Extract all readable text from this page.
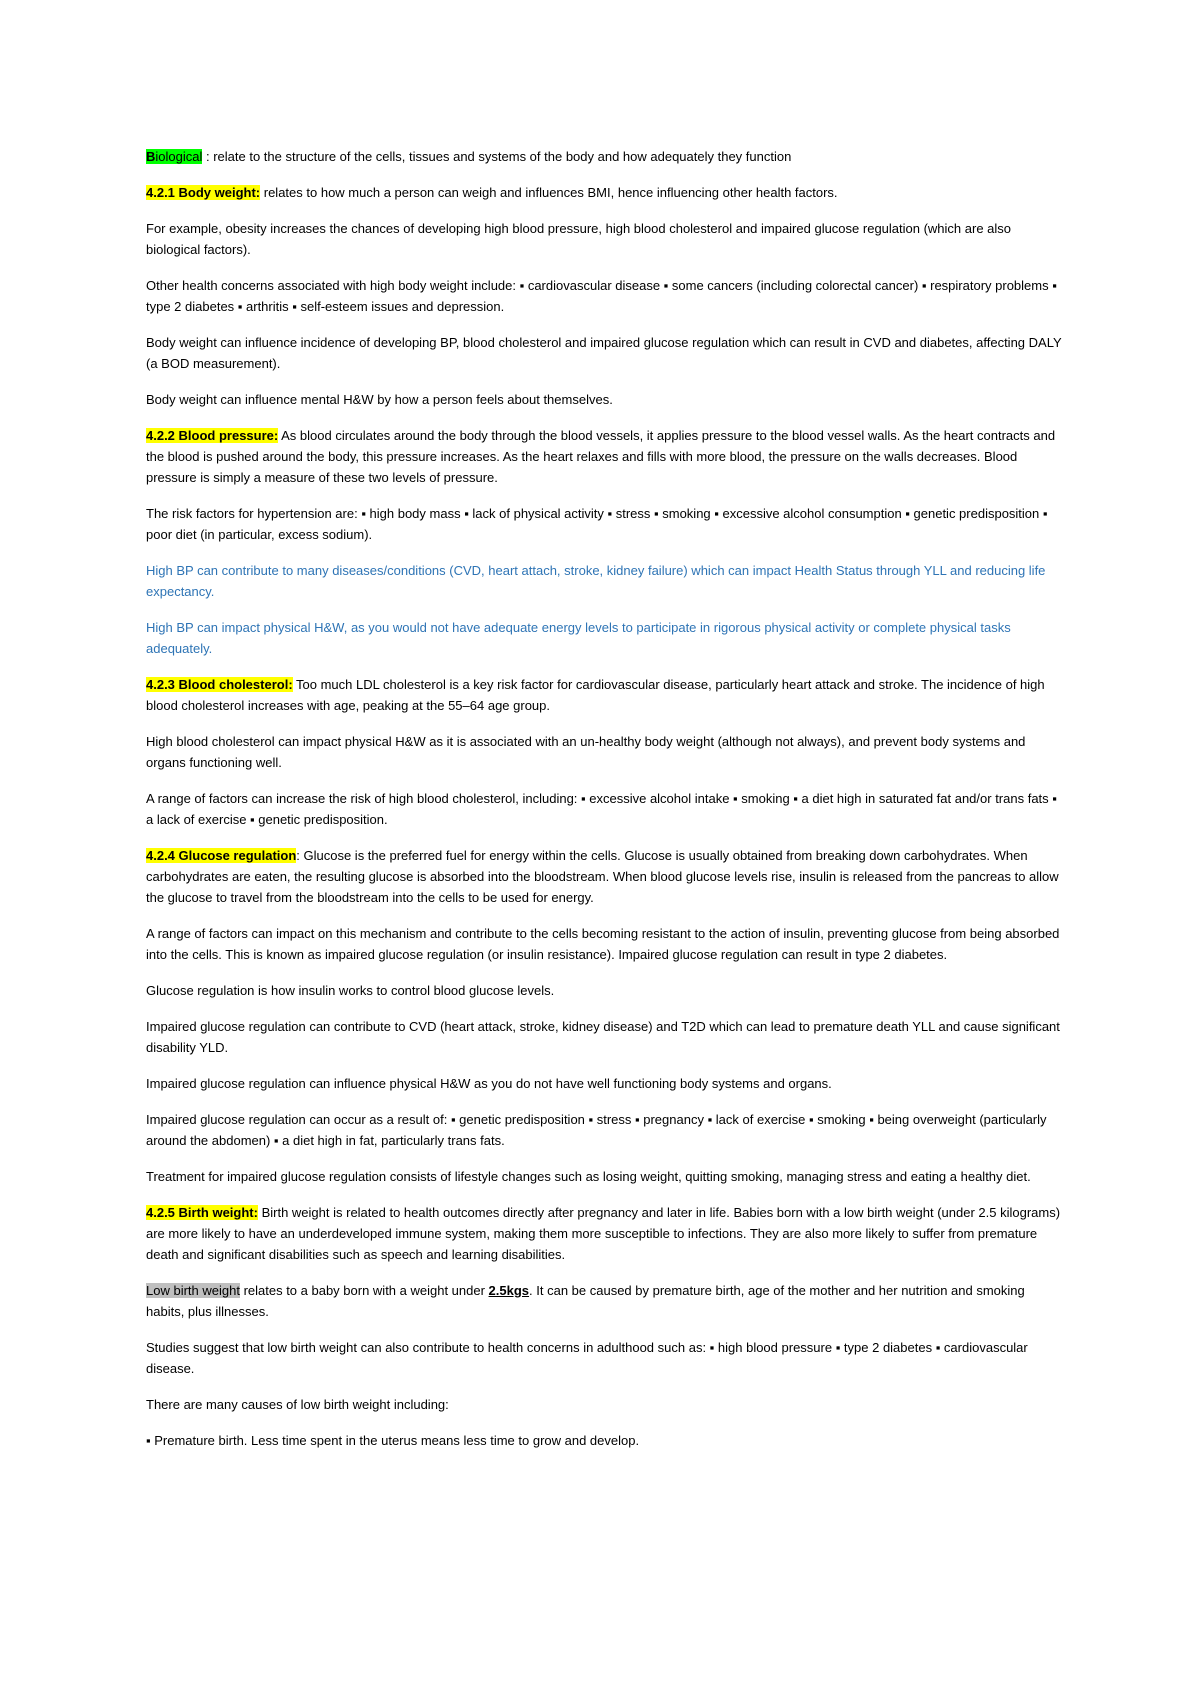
Biological : relate to the structure of the cells, tissues and systems of the body and how adequately they function

4.2.1 Body weight: relates to how much a person can weigh and influences BMI, hence influencing other health factors.

For example, obesity increases the chances of developing high blood pressure, high blood cholesterol and impaired glucose regulation (which are also biological factors).

Other health concerns associated with high body weight include: ▪ cardiovascular disease ▪ some cancers (including colorectal cancer) ▪ respiratory problems ▪ type 2 diabetes ▪ arthritis ▪ self-esteem issues and depression.

Body weight can influence incidence of developing BP, blood cholesterol and impaired glucose regulation which can result in CVD and diabetes, affecting DALY (a BOD measurement).

Body weight can influence mental H&W by how a person feels about themselves.

4.2.2 Blood pressure: As blood circulates around the body through the blood vessels, it applies pressure to the blood vessel walls. As the heart contracts and the blood is pushed around the body, this pressure increases. As the heart relaxes and fills with more blood, the pressure on the walls decreases. Blood pressure is simply a measure of these two levels of pressure.

The risk factors for hypertension are: ▪ high body mass ▪ lack of physical activity ▪ stress ▪ smoking ▪ excessive alcohol consumption ▪ genetic predisposition ▪ poor diet (in particular, excess sodium).

High BP can contribute to many diseases/conditions (CVD, heart attach, stroke, kidney failure) which can impact Health Status through YLL and reducing life expectancy.

High BP can impact physical H&W, as you would not have adequate energy levels to participate in rigorous physical activity or complete physical tasks adequately.

4.2.3 Blood cholesterol: Too much LDL cholesterol is a key risk factor for cardiovascular disease, particularly heart attack and stroke. The incidence of high blood cholesterol increases with age, peaking at the 55–64 age group.

High blood cholesterol can impact physical H&W as it is associated with an un-healthy body weight (although not always), and prevent body systems and organs functioning well.

A range of factors can increase the risk of high blood cholesterol, including: ▪ excessive alcohol intake ▪ smoking ▪ a diet high in saturated fat and/or trans fats ▪ a lack of exercise ▪ genetic predisposition.

4.2.4 Glucose regulation: Glucose is the preferred fuel for energy within the cells. Glucose is usually obtained from breaking down carbohydrates. When carbohydrates are eaten, the resulting glucose is absorbed into the bloodstream. When blood glucose levels rise, insulin is released from the pancreas to allow the glucose to travel from the bloodstream into the cells to be used for energy.

A range of factors can impact on this mechanism and contribute to the cells becoming resistant to the action of insulin, preventing glucose from being absorbed into the cells. This is known as impaired glucose regulation (or insulin resistance). Impaired glucose regulation can result in type 2 diabetes.

Glucose regulation is how insulin works to control blood glucose levels.

Impaired glucose regulation can contribute to CVD (heart attack, stroke, kidney disease) and T2D which can lead to premature death YLL and cause significant disability YLD.

Impaired glucose regulation can influence physical H&W as you do not have well functioning body systems and organs.

Impaired glucose regulation can occur as a result of: ▪ genetic predisposition ▪ stress ▪ pregnancy ▪ lack of exercise ▪ smoking ▪ being overweight (particularly around the abdomen) ▪ a diet high in fat, particularly trans fats.

Treatment for impaired glucose regulation consists of lifestyle changes such as losing weight, quitting smoking, managing stress and eating a healthy diet.

4.2.5 Birth weight: Birth weight is related to health outcomes directly after pregnancy and later in life. Babies born with a low birth weight (under 2.5 kilograms) are more likely to have an underdeveloped immune system, making them more susceptible to infections. They are also more likely to suffer from premature death and significant disabilities such as speech and learning disabilities.

Low birth weight relates to a baby born with a weight under 2.5kgs. It can be caused by premature birth, age of the mother and her nutrition and smoking habits, plus illnesses.

Studies suggest that low birth weight can also contribute to health concerns in adulthood such as: ▪ high blood pressure ▪ type 2 diabetes ▪ cardiovascular disease.

There are many causes of low birth weight including:

▪ Premature birth. Less time spent in the uterus means less time to grow and develop.
